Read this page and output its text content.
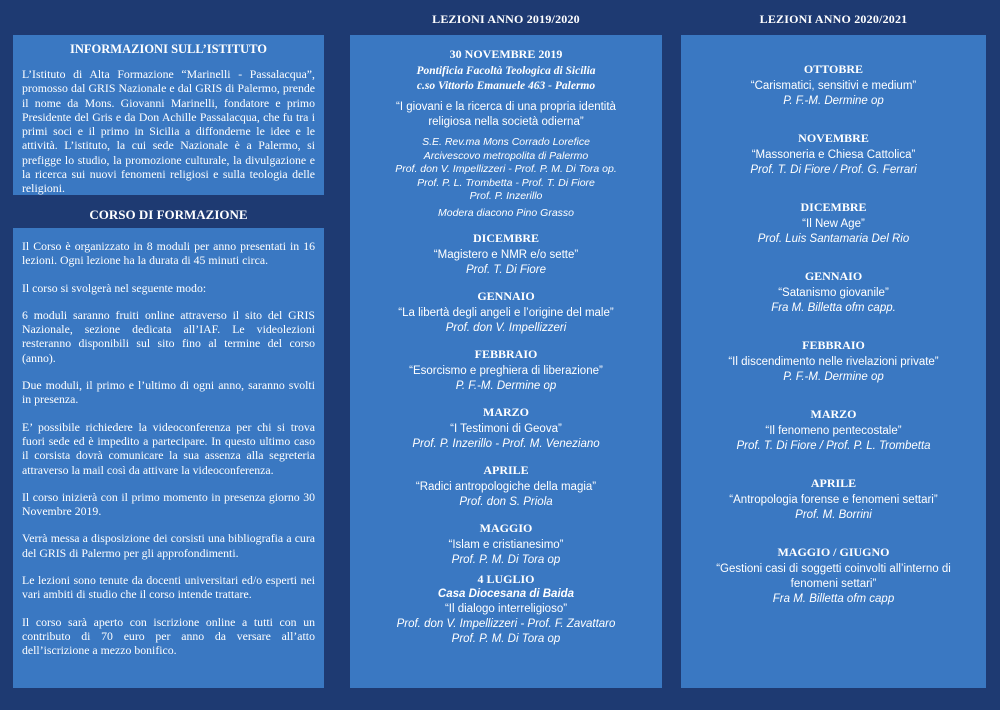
INFORMAZIONI SULL’ISTITUTO
L’Istituto di Alta Formazione “Marinelli - Passalacqua”, promosso dal GRIS Nazionale e dal GRIS di Palermo, prende il nome da Mons. Giovanni Marinelli, fondatore e primo Presidente del Gris e da Don Achille Passalacqua, che fu tra i primi soci e il primo in Sicilia a diffonderne le idee e le attività. L’istituto, la cui sede Nazionale è a Palermo, si prefigge lo studio, la promozione culturale, la divulgazione e la ricerca sui nuovi fenomeni religiosi e sulla teologia delle religioni.
CORSO DI FORMAZIONE

Il Corso è organizzato in 8 moduli per anno presentati in 16 lezioni. Ogni lezione ha la durata di 45 minuti circa.

Il corso si svolgerà nel seguente modo:

6 moduli saranno fruiti online attraverso il sito del GRIS Nazionale, sezione dedicata all’IAF. Le videolezioni resteranno disponibili sul sito fino al termine del corso (anno).

Due moduli, il primo e l’ultimo di ogni anno, saranno svolti in presenza.

E’ possibile richiedere la videoconferenza per chi si trova fuori sede ed è impedito a partecipare. In questo ultimo caso il corsista dovrà comunicare la sua assenza alla segreteria attraverso la mail così da attivare la videoconferenza.

Il corso inizierà con il primo momento in presenza giorno 30 Novembre 2019.

Verrà messa a disposizione dei corsisti una bibliografia a cura del GRIS di Palermo per gli approfondimenti.

Le lezioni sono tenute da docenti universitari ed/o esperti nei vari ambiti di studio che il corso intende trattare.

Il corso sarà aperto con iscrizione online a tutti con un contributo di 70 euro per anno da versare all’atto dell’iscrizione a mezzo bonifico.

LEZIONI ANNO 2019/2020
30 NOVEMBRE 2019
Pontificia Facoltà Teologica di Sicilia
c.so Vittorio Emanuele 463 - Palermo
“I giovani e la ricerca di una propria identità religiosa nella società odierna”
S.E. Rev.ma Mons Corrado Lorefice
Arcivescovo metropolita di Palermo
Prof. don V. Impellizzeri - Prof. P. M. Di Tora op.
Prof. P. L. Trombetta - Prof. T. Di Fiore
Prof. P. Inzerillo
Modera diacono Pino Grasso
DICEMBRE
“Magistero e NMR e/o sette”
Prof. T. Di Fiore
GENNAIO
“La libertà degli angeli e l’origine del male”
Prof. don V. Impellizzeri
FEBBRAIO
“Esorcismo e preghiera di liberazione”
P. F.-M. Dermine op
MARZO
“I Testimoni di Geova”
Prof. P. Inzerillo - Prof. M. Veneziano
APRILE
“Radici antropologiche della magia”
Prof. don S. Priola
MAGGIO
“Islam e cristianesimo”
Prof. P. M. Di Tora op
4 LUGLIO
Casa Diocesana di Baida
“Il dialogo interreligioso”
Prof. don V. Impellizzeri - Prof. F. Zavattaro
Prof. P. M. Di Tora op
LEZIONI ANNO 2020/2021
OTTOBRE
“Carismatici, sensitivi e medium”
P. F.-M. Dermine op
NOVEMBRE
“Massoneria e Chiesa Cattolica”
Prof. T. Di Fiore / Prof. G. Ferrari
DICEMBRE
“Il New Age”
Prof. Luis Santamaria Del Rio
GENNAIO
“Satanismo giovanile”
Fra M. Billetta ofm capp.
FEBBRAIO
“Il discendimento nelle rivelazioni private”
P. F.-M. Dermine op
MARZO
“Il fenomeno pentecostale”
Prof. T. Di Fiore / Prof. P. L. Trombetta
APRILE
“Antropologia forense e fenomeni settari”
Prof. M. Borrini
MAGGIO / GIUGNO
“Gestioni casi di soggetti coinvolti all’interno di fenomeni settari”
Fra M. Billetta ofm capp
